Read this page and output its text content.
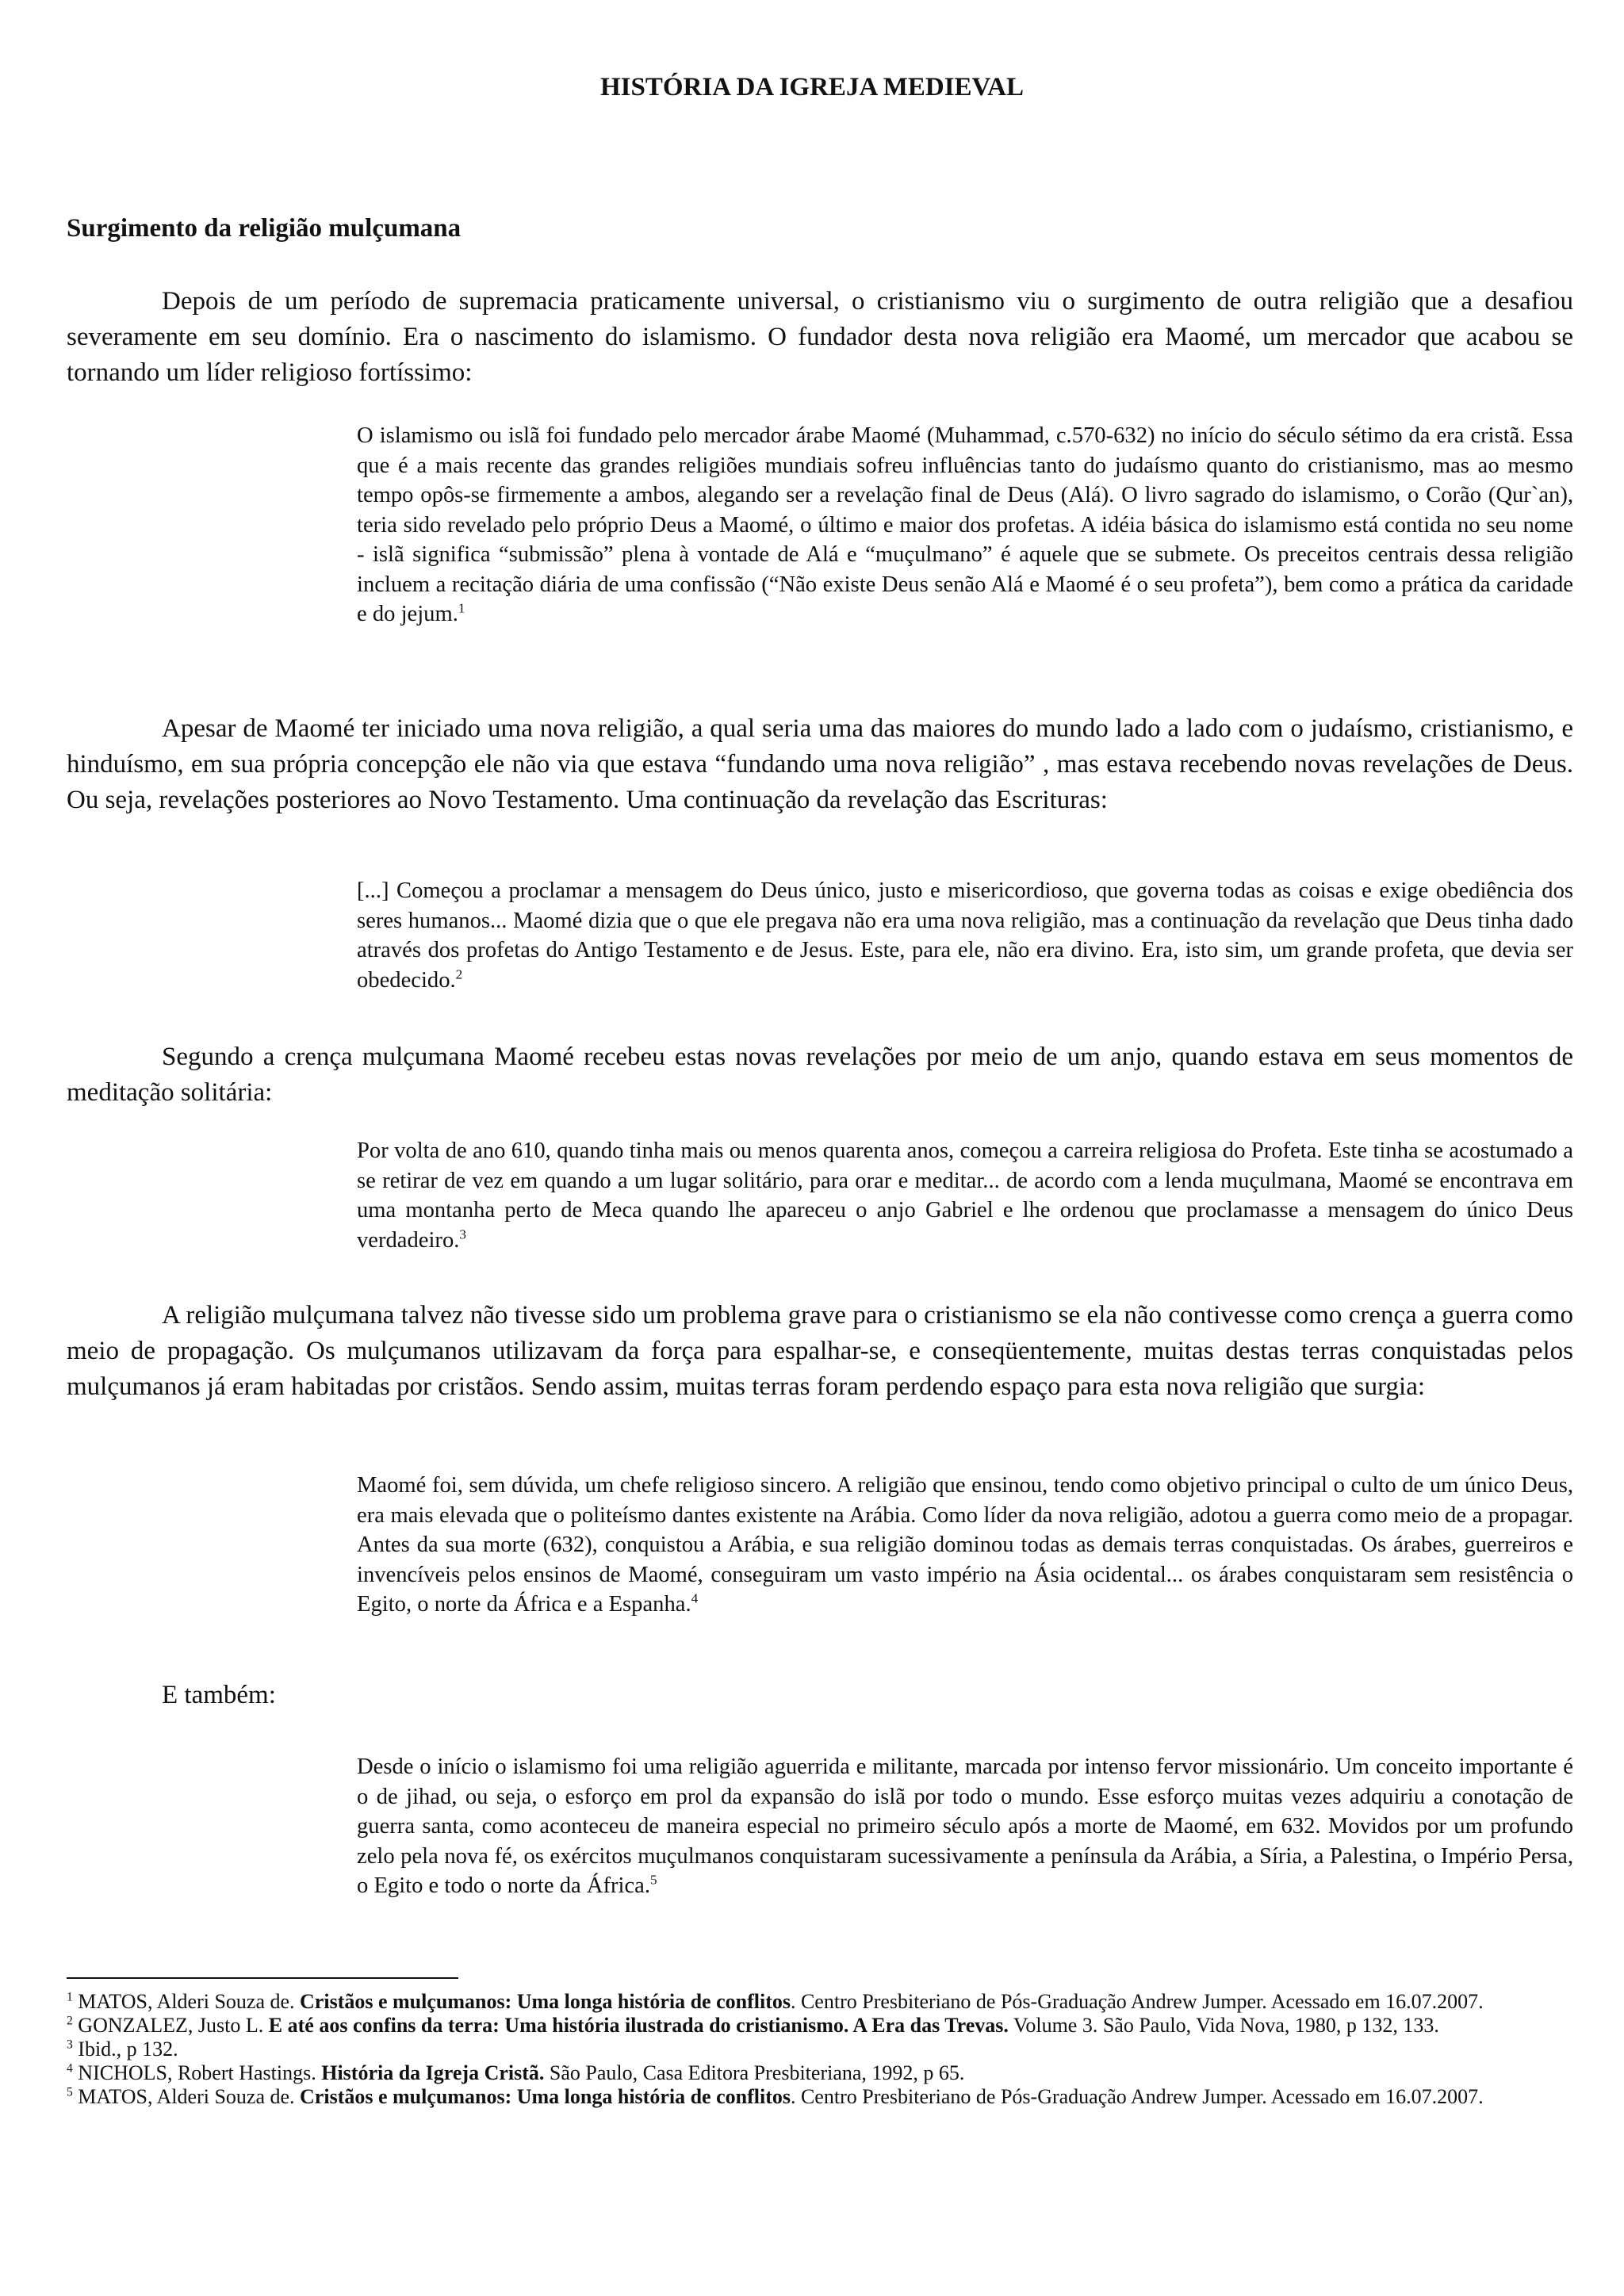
HISTÓRIA DA IGREJA MEDIEVAL
Surgimento da religião mulçumana

Depois de um período de supremacia praticamente universal, o cristianismo viu o surgimento de outra religião que a desafiou severamente em seu domínio. Era o nascimento do islamismo. O fundador desta nova religião era Maomé, um mercador que acabou se tornando um líder religioso fortíssimo:

O islamismo ou islã foi fundado pelo mercador árabe Maomé (Muhammad, c.570-632) no início do século sétimo da era cristã. Essa que é a mais recente das grandes religiões mundiais sofreu influências tanto do judaísmo quanto do cristianismo, mas ao mesmo tempo opôs-se firmemente a ambos, alegando ser a revelação final de Deus (Alá). O livro sagrado do islamismo, o Corão (Qur`an), teria sido revelado pelo próprio Deus a Maomé, o último e maior dos profetas. A idéia básica do islamismo está contida no seu nome - islã significa “submissão” plena à vontade de Alá e “muçulmano” é aquele que se submete. Os preceitos centrais dessa religião incluem a recitação diária de uma confissão (“Não existe Deus senão Alá e Maomé é o seu profeta”), bem como a prática da caridade e do jejum.$^1$

Apesar de Maomé ter iniciado uma nova religião, a qual seria uma das maiores do mundo lado a lado com o judaísmo, cristianismo, e hinduísmo, em sua própria concepção ele não via que estava “fundando uma nova religião” , mas estava recebendo novas revelações de Deus. Ou seja, revelações posteriores ao Novo Testamento. Uma continuação da revelação das Escrituras:

[...] Começou a proclamar a mensagem do Deus único, justo e misericordioso, que governa todas as coisas e exige obediência dos seres humanos... Maomé dizia que o que ele pregava não era uma nova religião, mas a continuação da revelação que Deus tinha dado através dos profetas do Antigo Testamento e de Jesus. Este, para ele, não era divino. Era, isto sim, um grande profeta, que devia ser obedecido.$^2$

Segundo a crença mulçumana Maomé recebeu estas novas revelações por meio de um anjo, quando estava em seus momentos de meditação solitária:

Por volta de ano 610, quando tinha mais ou menos quarenta anos, começou a carreira religiosa do Profeta. Este tinha se acostumado a se retirar de vez em quando a um lugar solitário, para orar e meditar... de acordo com a lenda muçulmana, Maomé se encontrava em uma montanha perto de Meca quando lhe apareceu o anjo Gabriel e lhe ordenou que proclamasse a mensagem do único Deus verdadeiro.$^3$

A religião mulçumana talvez não tivesse sido um problema grave para o cristianismo se ela não contivesse como crença a guerra como meio de propagação. Os mulçumanos utilizavam da força para espalhar-se, e conseqüentemente, muitas destas terras conquistadas pelos mulçumanos já eram habitadas por cristãos. Sendo assim, muitas terras foram perdendo espaço para esta nova religião que surgia:

Maomé foi, sem dúvida, um chefe religioso sincero. A religião que ensinou, tendo como objetivo principal o culto de um único Deus, era mais elevada que o politeísmo dantes existente na Arábia. Como líder da nova religião, adotou a guerra como meio de a propagar. Antes da sua morte (632), conquistou a Arábia, e sua religião dominou todas as demais terras conquistadas. Os árabes, guerreiros e invencíveis pelos ensinos de Maomé, conseguiram um vasto império na Ásia ocidental... os árabes conquistaram sem resistência o Egito, o norte da África e a Espanha.$^4$

E também:

Desde o início o islamismo foi uma religião aguerrida e militante, marcada por intenso fervor missionário. Um conceito importante é o de jihad, ou seja, o esforço em prol da expansão do islã por todo o mundo. Esse esforço muitas vezes adquiriu a conotação de guerra santa, como aconteceu de maneira especial no primeiro século após a morte de Maomé, em 632. Movidos por um profundo zelo pela nova fé, os exércitos muçulmanos conquistaram sucessivamente a península da Arábia, a Síria, a Palestina, o Império Persa, o Egito e todo o norte da África.$^5$

$^1$ MATOS, Alderi Souza de. Cristãos e mulçumanos: Uma longa história de conflitos. Centro Presbiteriano de Pós-Graduação Andrew Jumper. Acessado em 16.07.2007.

$^2$ GONZALEZ, Justo L. E até aos confins da terra: Uma história ilustrada do cristianismo. A Era das Trevas. Volume 3. São Paulo, Vida Nova, 1980, p 132, 133.

$^3$ Ibid., p 132.

$^4$ NICHOLS, Robert Hastings. História da Igreja Cristã. São Paulo, Casa Editora Presbiteriana, 1992, p 65.

$^5$ MATOS, Alderi Souza de. Cristãos e mulçumanos: Uma longa história de conflitos. Centro Presbiteriano de Pós-Graduação Andrew Jumper. Acessado em 16.07.2007.
